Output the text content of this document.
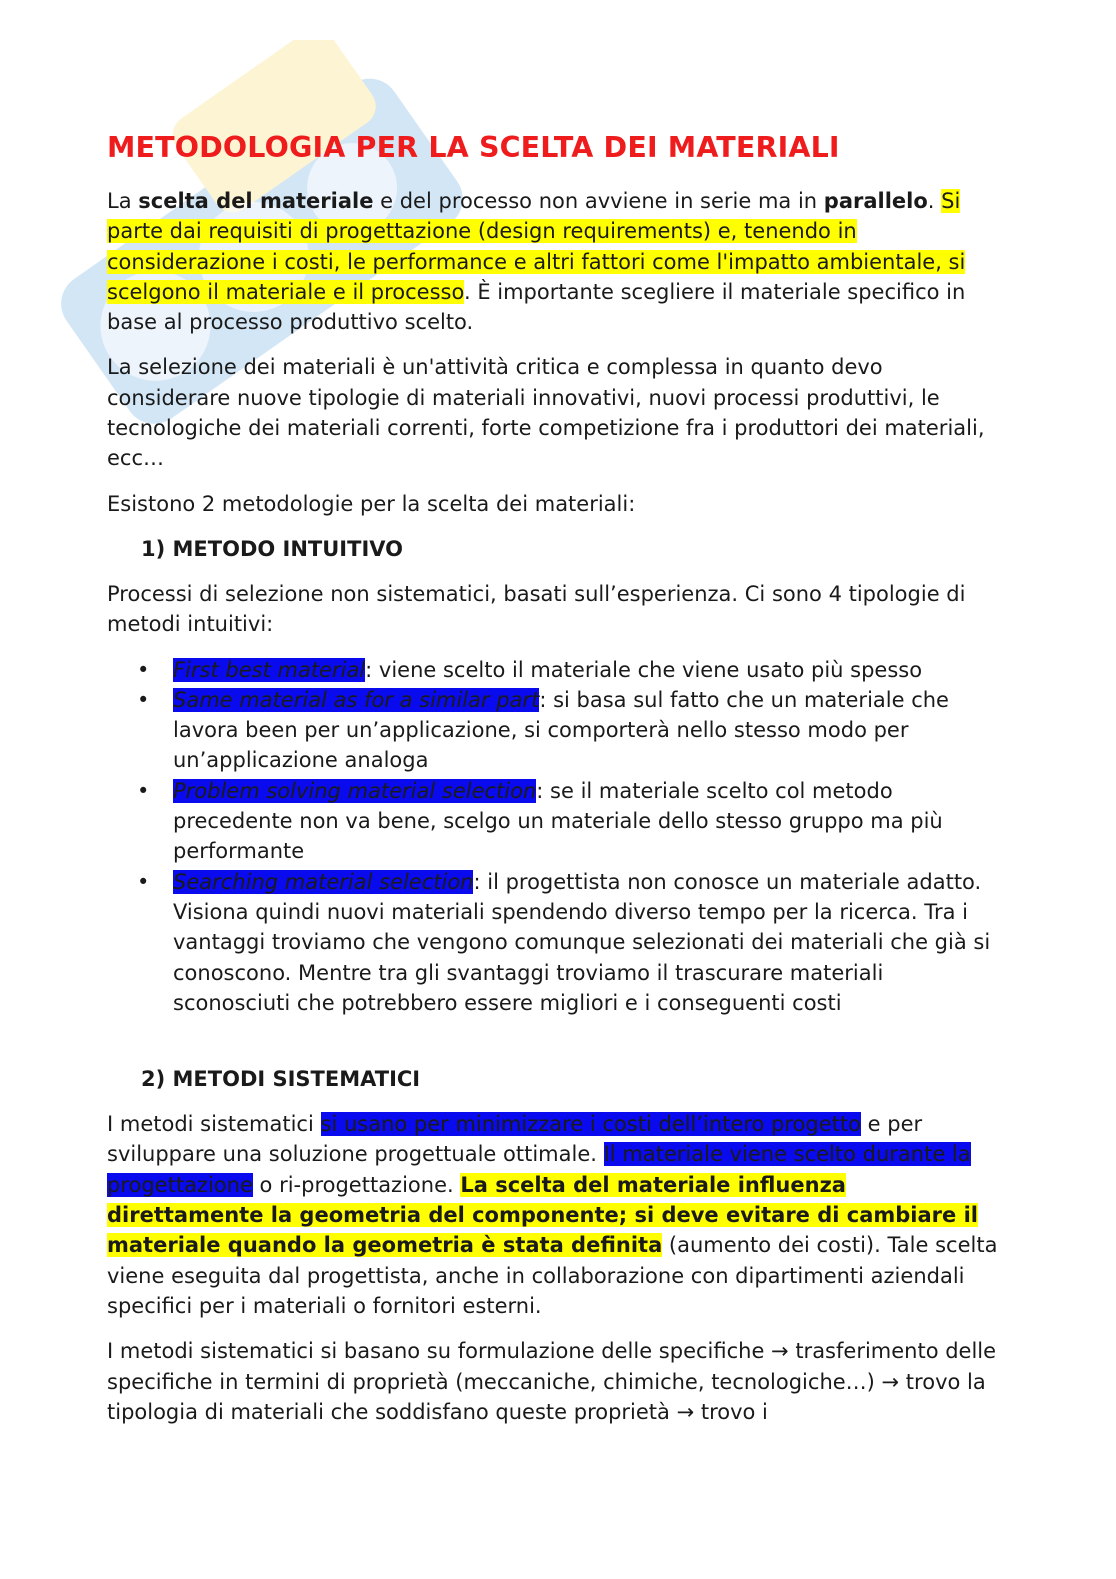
METODOLOGIA PER LA SCELTA DEI MATERIALI

La scelta del materiale e del processo non avviene in serie ma in parallelo. Si parte dai requisiti di progettazione (design requirements) e, tenendo in considerazione i costi, le performance e altri fattori come l'impatto ambientale, si scelgono il materiale e il processo. È importante scegliere il materiale specifico in base al processo produttivo scelto.

La selezione dei materiali è un'attività critica e complessa in quanto devo considerare nuove tipologie di materiali innovativi, nuovi processi produttivi, le tecnologiche dei materiali correnti, forte competizione fra i produttori dei materiali, ecc…

Esistono 2 metodologie per la scelta dei materiali:

1) METODO INTUITIVO

Processi di selezione non sistematici, basati sull’esperienza. Ci sono 4 tipologie di metodi intuitivi:

• First best material: viene scelto il materiale che viene usato più spesso
• Same material as for a similar part: si basa sul fatto che un materiale che lavora been per un’applicazione, si comporterà nello stesso modo per un’applicazione analoga
• Problem solving material selection: se il materiale scelto col metodo precedente non va bene, scelgo un materiale dello stesso gruppo ma più performante
• Searching material selection: il progettista non conosce un materiale adatto. Visiona quindi nuovi materiali spendendo diverso tempo per la ricerca. Tra i vantaggi troviamo che vengono comunque selezionati dei materiali che già si conoscono. Mentre tra gli svantaggi troviamo il trascurare materiali sconosciuti che potrebbero essere migliori e i conseguenti costi
2) METODI SISTEMATICI

I metodi sistematici si usano per minimizzare i costi dell’intero progetto e per sviluppare una soluzione progettuale ottimale. Il materiale viene scelto durante la progettazione o ri-progettazione. La scelta del materiale influenza direttamente la geometria del componente; si deve evitare di cambiare il materiale quando la geometria è stata definita (aumento dei costi). Tale scelta viene eseguita dal progettista, anche in collaborazione con dipartimenti aziendali specifici per i materiali o fornitori esterni.

I metodi sistematici si basano su formulazione delle specifiche → trasferimento delle specifiche in termini di proprietà (meccaniche, chimiche, tecnologiche…) → trovo la tipologia di materiali che soddisfano queste proprietà → trovo i
